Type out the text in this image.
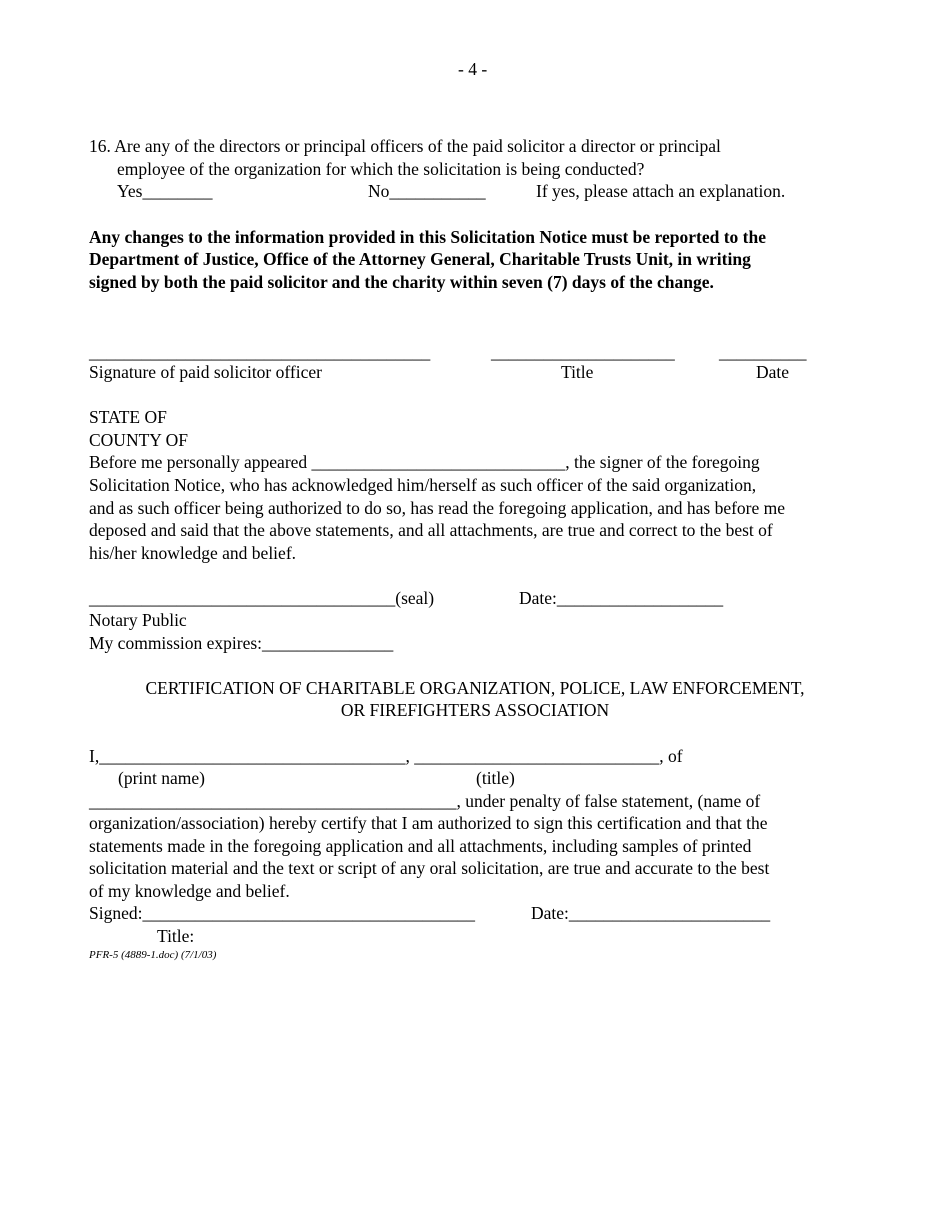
- 4 -
16. Are any of the directors or principal officers of the paid solicitor a director or principal
employee of the organization for which the solicitation is being conducted?
Yes________	No___________	If yes, please attach an explanation.
Any changes to the information provided in this Solicitation Notice must be reported to the
Department of Justice, Office of the Attorney General, Charitable Trusts Unit, in writing
signed by both the paid solicitor and the charity within seven (7) days of the change.
_______________________________________	_____________________	__________
Signature of paid solicitor officer	Title	Date
STATE OF
COUNTY OF
Before me personally appeared _____________________________, the signer of the foregoing
Solicitation Notice, who has acknowledged him/herself as such officer of the said organization,
and as such officer being authorized to do so, has read the foregoing application, and has before me
deposed and said that the above statements, and all attachments, are true and correct to the best of
his/her knowledge and belief.
___________________________________(seal)	Date:___________________
Notary Public
My commission expires:_______________
CERTIFICATION OF CHARITABLE ORGANIZATION, POLICE, LAW ENFORCEMENT,
OR FIREFIGHTERS ASSOCIATION
I,___________________________________, ____________________________, of
(print name)	(title)
__________________________________________, under penalty of false statement, (name of
organization/association) hereby certify that I am authorized to sign this certification and that the
statements made in the foregoing application and all attachments, including samples of printed
solicitation material and the text or script of any oral solicitation, are true and accurate to the best
of my knowledge and belief.
Signed:______________________________________	Date:_______________________
Title:
PFR-5 (4889-1.doc) (7/1/03)
